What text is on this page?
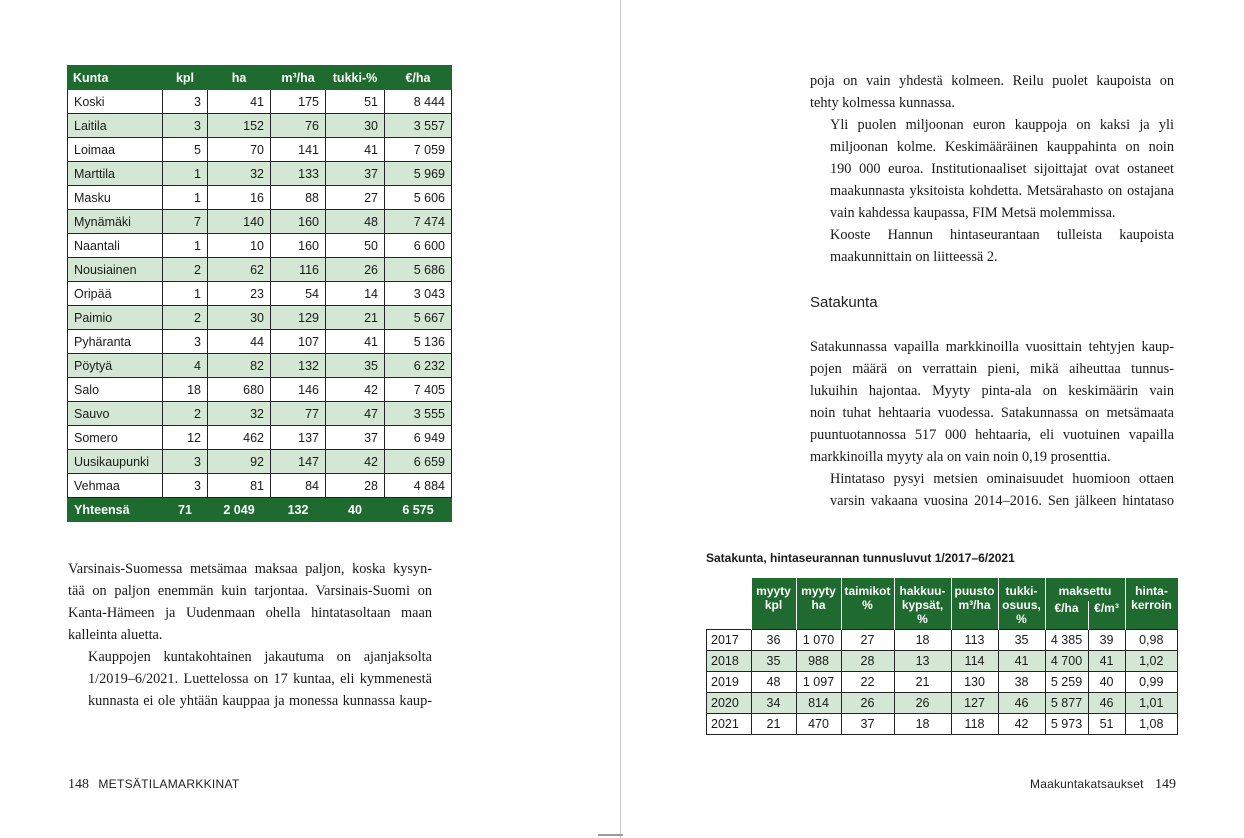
Kunta	kpl	ha	m³/ha	tukki-%	€/ha
Koski	3	41	175	51	8 444
Laitila	3	152	76	30	3 557
Loimaa	5	70	141	41	7 059
Marttila	1	32	133	37	5 969
Masku	1	16	88	27	5 606
Mynämäki	7	140	160	48	7 474
Naantali	1	10	160	50	6 600
Nousiainen	2	62	116	26	5 686
Oripää	1	23	54	14	3 043
Paimio	2	30	129	21	5 667
Pyhäranta	3	44	107	41	5 136
Pöytyä	4	82	132	35	6 232
Salo	18	680	146	42	7 405
Sauvo	2	32	77	47	3 555
Somero	12	462	137	37	6 949
Uusikaupunki	3	92	147	42	6 659
Vehmaa	3	81	84	28	4 884
Yhteensä	71	2 049	132	40	6 575

Varsinais-Suomessa metsämaa maksaa paljon, koska kysyn-
tää on paljon enemmän kuin tarjontaa. Varsinais-Suomi on
Kanta-Hämeen ja Uudenmaan ohella hintatasoltaan maan
kalleinta aluetta.

Kauppojen kuntakohtainen jakautuma on ajanjaksolta
1/2019–6/2021. Luettelossa on 17 kuntaa, eli kymmenestä
kunnasta ei ole yhtään kauppaa ja monessa kunnassa kaup-

148 METSÄTILAMARKKINAT

poja on vain yhdestä kolmeen. Reilu puolet kaupoista on
tehty kolmessa kunnassa.

Yli puolen miljoonan euron kauppoja on kaksi ja yli
miljoonan kolme. Keskimääräinen kauppahinta on noin
190 000 euroa. Institutionaaliset sijoittajat ovat ostaneet
maakunnasta yksitoista kohdetta. Metsärahasto on ostajana
vain kahdessa kaupassa, FIM Metsä molemmissa.

Kooste Hannun hintaseurantaan tulleista kaupoista
maakunnittain on liitteessä 2.

Satakunta

Satakunnassa vapailla markkinoilla vuosittain tehtyjen kaup-
pojen määrä on verrattain pieni, mikä aiheuttaa tunnus-
lukuihin hajontaa. Myyty pinta-ala on keskimäärin vain
noin tuhat hehtaaria vuodessa. Satakunnassa on metsämaata
puuntuotannossa 517 000 hehtaaria, eli vuotuinen vapailla
markkinoilla myyty ala on vain noin 0,19 prosenttia.

Hintataso pysyi metsien ominaisuudet huomioon ottaen
varsin vakaana vuosina 2014–2016. Sen jälkeen hintataso

Satakunta, hintaseurannan tunnusluvut 1/2017–6/2021
	myyty kpl	myyty ha	taimikot %	hakkuu-kypsät, %	puusto m³/ha	tukki-osuus, %	maksettu		hinta-kerroin
							€/ha	€/m³	
2017	36	1 070	27	18	113	35	4 385	39	0,98
2018	35	988	28	13	114	41	4 700	41	1,02
2019	48	1 097	22	21	130	38	5 259	40	0,99
2020	34	814	26	26	127	46	5 877	46	1,01
2021	21	470	37	18	118	42	5 973	51	1,08
Maakuntakatsaukset 149
